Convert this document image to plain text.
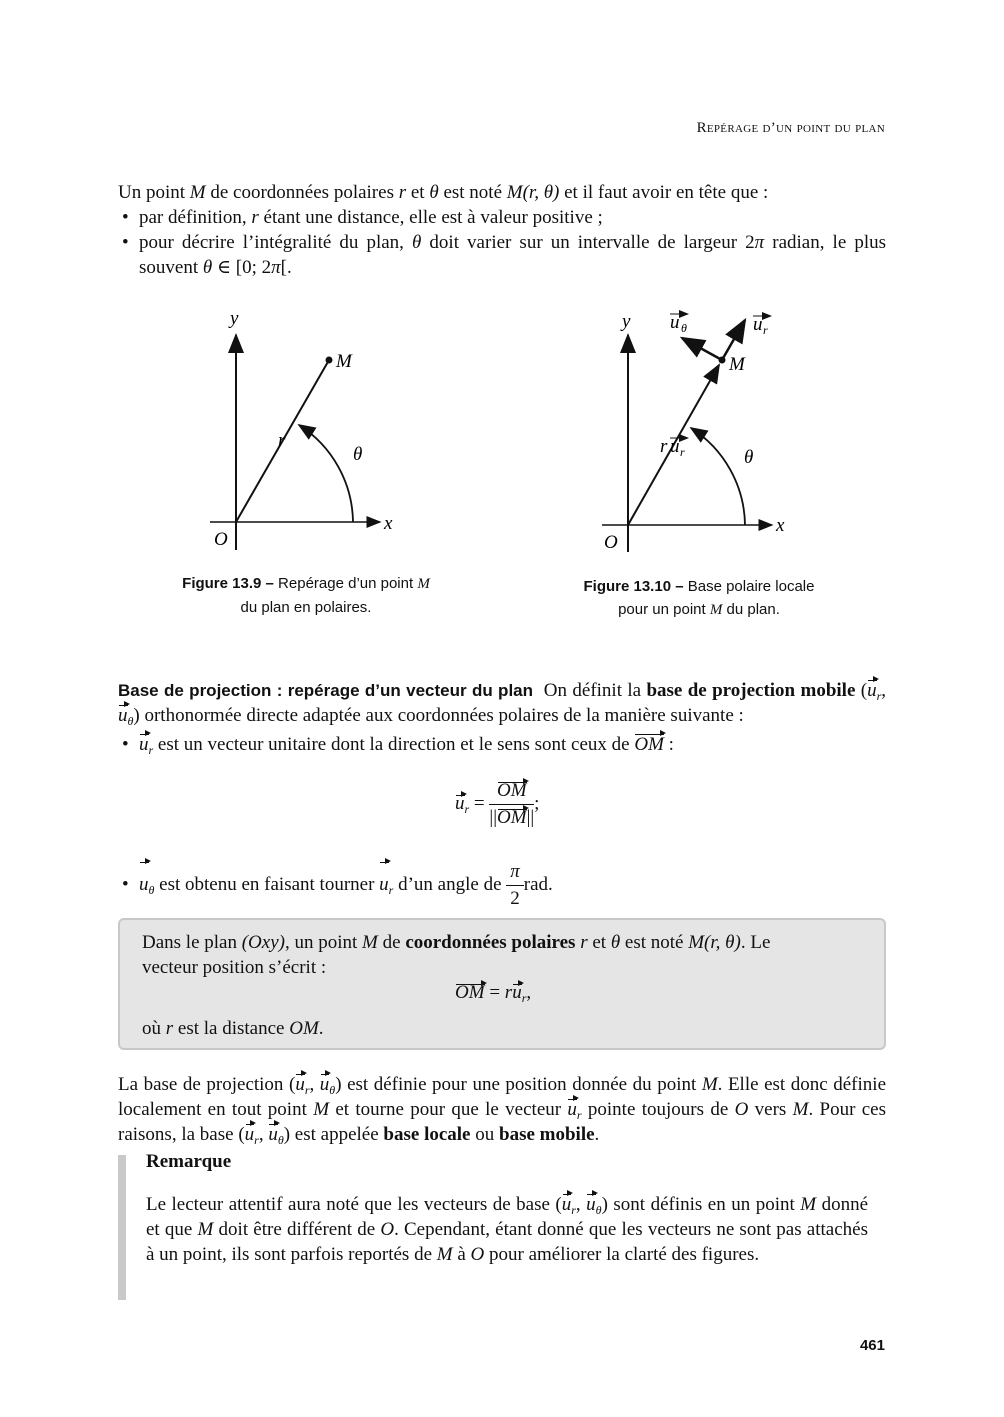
Repérage d’un point du plan
Un point M de coordonnées polaires r et θ est noté M(r, θ) et il faut avoir en tête que :
• par définition, r étant une distance, elle est à valeur positive ;
• pour décrire l’intégralité du plan, θ doit varier sur un intervalle de largeur 2π radian, le plus souvent θ ∈ [0; 2π[.
y
x
O
M
r
θ
Figure 13.9 – Repérage d’un point M du plan en polaires.
y
x
O
M
θ
u θ	u r
r u r
Figure 13.10 – Base polaire locale pour un point M du plan.
Base de projection : repérage d’un vecteur du plan On définit la base de projection mobile ($u_r$, $u_\theta$) orthonormée directe adaptée aux coordonnées polaires de la manière suivante :
• $u_r$ est un vecteur unitaire dont la direction et le sens sont ceux de OM :
$u_r = \frac{OM}{||OM||}$ ;
• $u_\theta$ est obtenu en faisant tourner $u_r$ d’un angle de $\frac{\pi}{2}$ rad.
Dans le plan (Oxy), un point M de coordonnées polaires r et θ est noté M(r, θ). Le
vecteur position s’écrit :
OM = $ru_r$,
où r est la distance OM.
La base de projection ($u_r$, $u_\theta$) est définie pour une position donnée du point M. Elle est donc définie localement en tout point M et tourne pour que le vecteur $u_r$ pointe toujours de O vers M. Pour ces raisons, la base ($u_r$, $u_\theta$) est appelée base locale ou base mobile.
Remarque
Le lecteur attentif aura noté que les vecteurs de base ($u_r$, $u_\theta$) sont définis en un point M donné et que M doit être différent de O. Cependant, étant donné que les vecteurs ne sont pas attachés à un point, ils sont parfois reportés de M à O pour améliorer la clarté des figures.
461
